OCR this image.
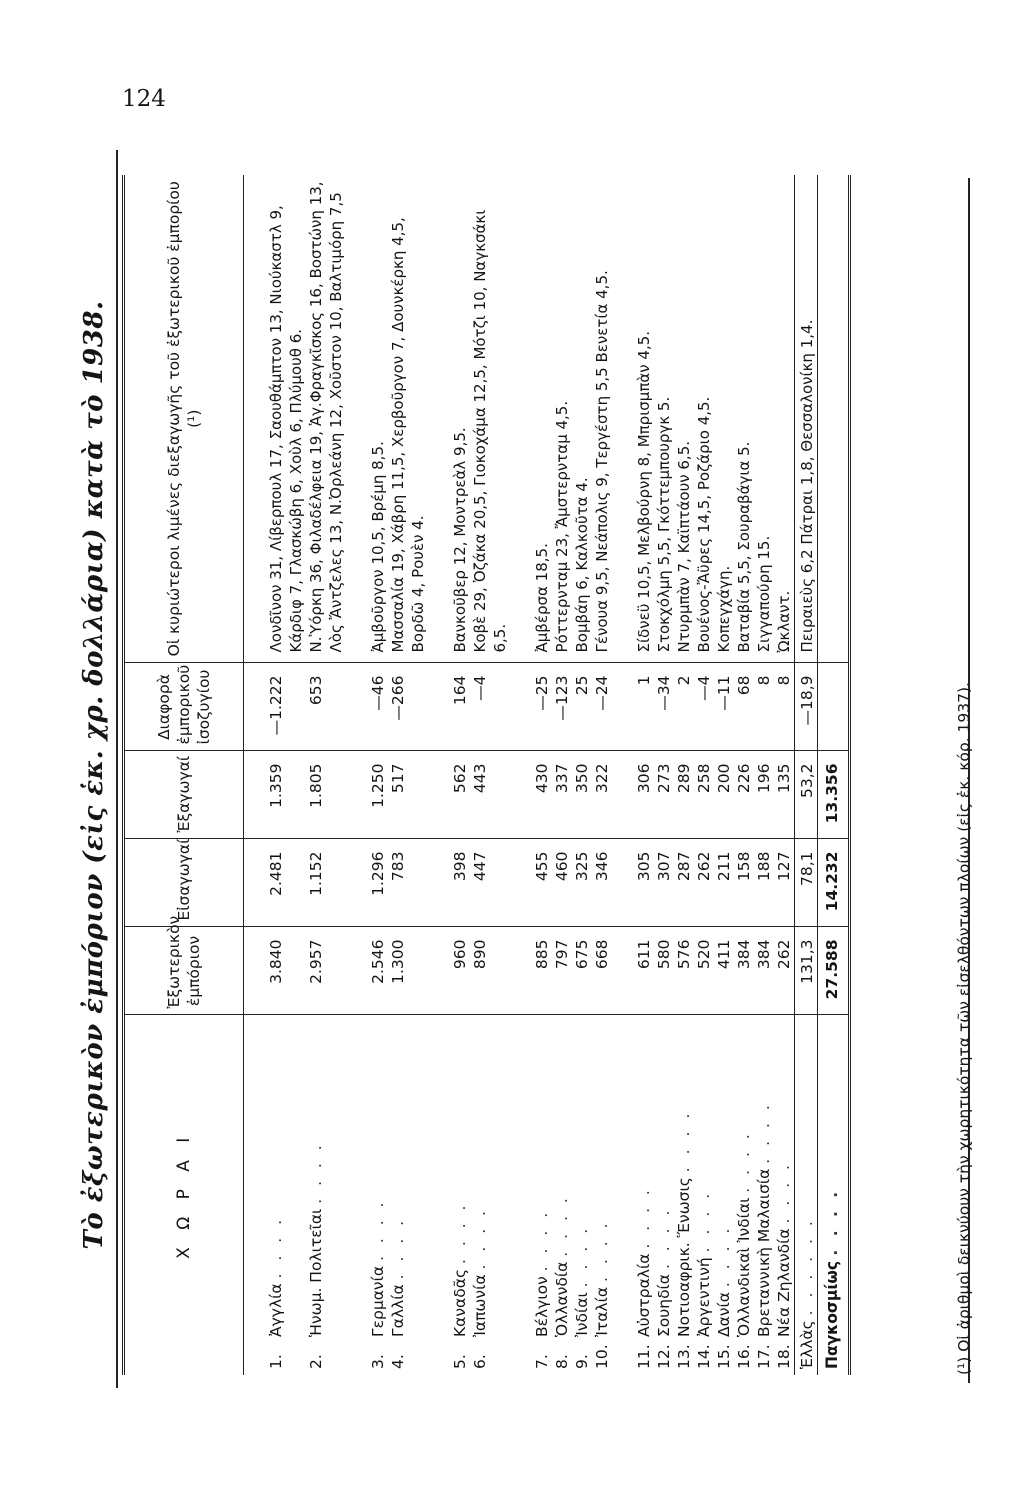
124
Τὸ ἐξωτερικὸν ἐμπόριον (εἰς ἑκ. χρ. δολλάρια) κατὰ τὸ 1938.	Χ Ω Ρ Α Ι	Ἐξωτερικὸν ἐμπόριον	Εἰσαγωγαί	Ἐξαγωγαί	Διαφορὰ ἐμπορικοῦ ἰσοζυγίου	Οἱ κυριώτεροι λιμένες διεξαγωγῆς τοῦ ἐξωτερικοῦ ἐμπορίου (¹)
1.Ἀγγλία . . . .	3.840	2.481	1.359	—1.222	Λονδῖνον 31, Λίβερπουλ 17, Σαουθάμπτον 13, Νιούκαστλ 9, Κάρδιφ 7, Γλασκώβη 6, Χοὺλ 6, Πλύμουθ 6.
2.Ἡνωμ. Πολιτεῖαι . . . .	2.957	1.152	1.805	653	Ν.Ὑόρκη 36, Φιλαδέλφεια 19, Ἁγ.Φραγκῖσκος 16, Βοστώνη 13, Λὸς Ἄντζελες 13, Ν.Ὀρλεάνη 12, Χοῦστον 10, Βαλτιμόρη 7,5
3.Γερμανία . . . .	2.546	1.296	1.250	—46	Ἀμβοῦργον 10,5, Βρέμη 8,5.
4.Γαλλία . . . .	1.300	783	517	—266	Μασσαλία 19, Χάβρη 11,5, Χερβοῦργον 7, Δουνκέρκη 4,5, Βορδῶ 4, Ρουὲν 4.
5.Καναδᾶς . . . .	960	398	562	164	Βανκοῦβερ 12, Μοντρεὰλ 9,5.
6.Ἰαπωνία . . . .	890	447	443	—4	Κοβὲ 29, Ὀζάκα 20,5, Γιοκοχάμα 12,5, Μότζι 10, Ναγκσάκι 6,5.
7.Βέλγιον . . . .	885	455	430	—25	Ἀμβέρσα 18,5.
8.Ὁλλανδία . . . .	797	460	337	—123	Ρόττερνταμ 23, Ἄμστερνταμ 4,5.
9.Ἰνδίαι . . . .	675	325	350	25	Βομβάη 6, Καλκοῦτα 4.
10.Ἰταλία . . . .	668	346	322	—24	Γένουα 9,5, Νεάπολις 9, Τεργέστη 5,5 Βενετία 4,5.
11.Αὐστραλία . . . .	611	305	306	1	Σίδνεϋ 10,5, Μελβούρνη 8, Μπρισμπὰν 4,5.
12.Σουηδία . . . .	580	307	273	—34	Στοκχόλμη 5,5, Γκόττεμπουργκ 5.
13.Νοτιοαφρικ. Ἕνωσις . . . .	576	287	289	2	Ντυρμπὰν 7, Καϊπτάουν 6,5.
14.Ἀργεντινή . . . .	520	262	258	—4	Βουένος-Ἄϋρες 14,5, Ροζάριο 4,5.
15.Δανία . . . .	411	211	200	—11	Κοπεγχάγη.
16.Ὁλλανδικαὶ Ἰνδίαι . . . .	384	158	226	68	Βαταβία 5,5, Σουραβάγια 5.
17.Βρεταννικὴ Μαλαισία . . . .	384	188	196	8	Σιγγαπούρη 15.
18.Νέα Ζηλανδία . . . .	262	127	135	8	Ὠκλαντ.
Ἑλλὰς . . . . . .	131,3	78,1	53,2	—18,9	Πειραιεὺς 6,2 Πάτραι 1,8, Θεσσαλονίκη 1,4.
Παγκοσμίως . . . .	27.588	14.232	13.356			(¹) Οἱ ἀριθμοὶ δεικνύουν τὴν χωρητικότητα τῶν εἰσελθόντων πλοίων (εἰς ἑκ. κόρ. 1937).
